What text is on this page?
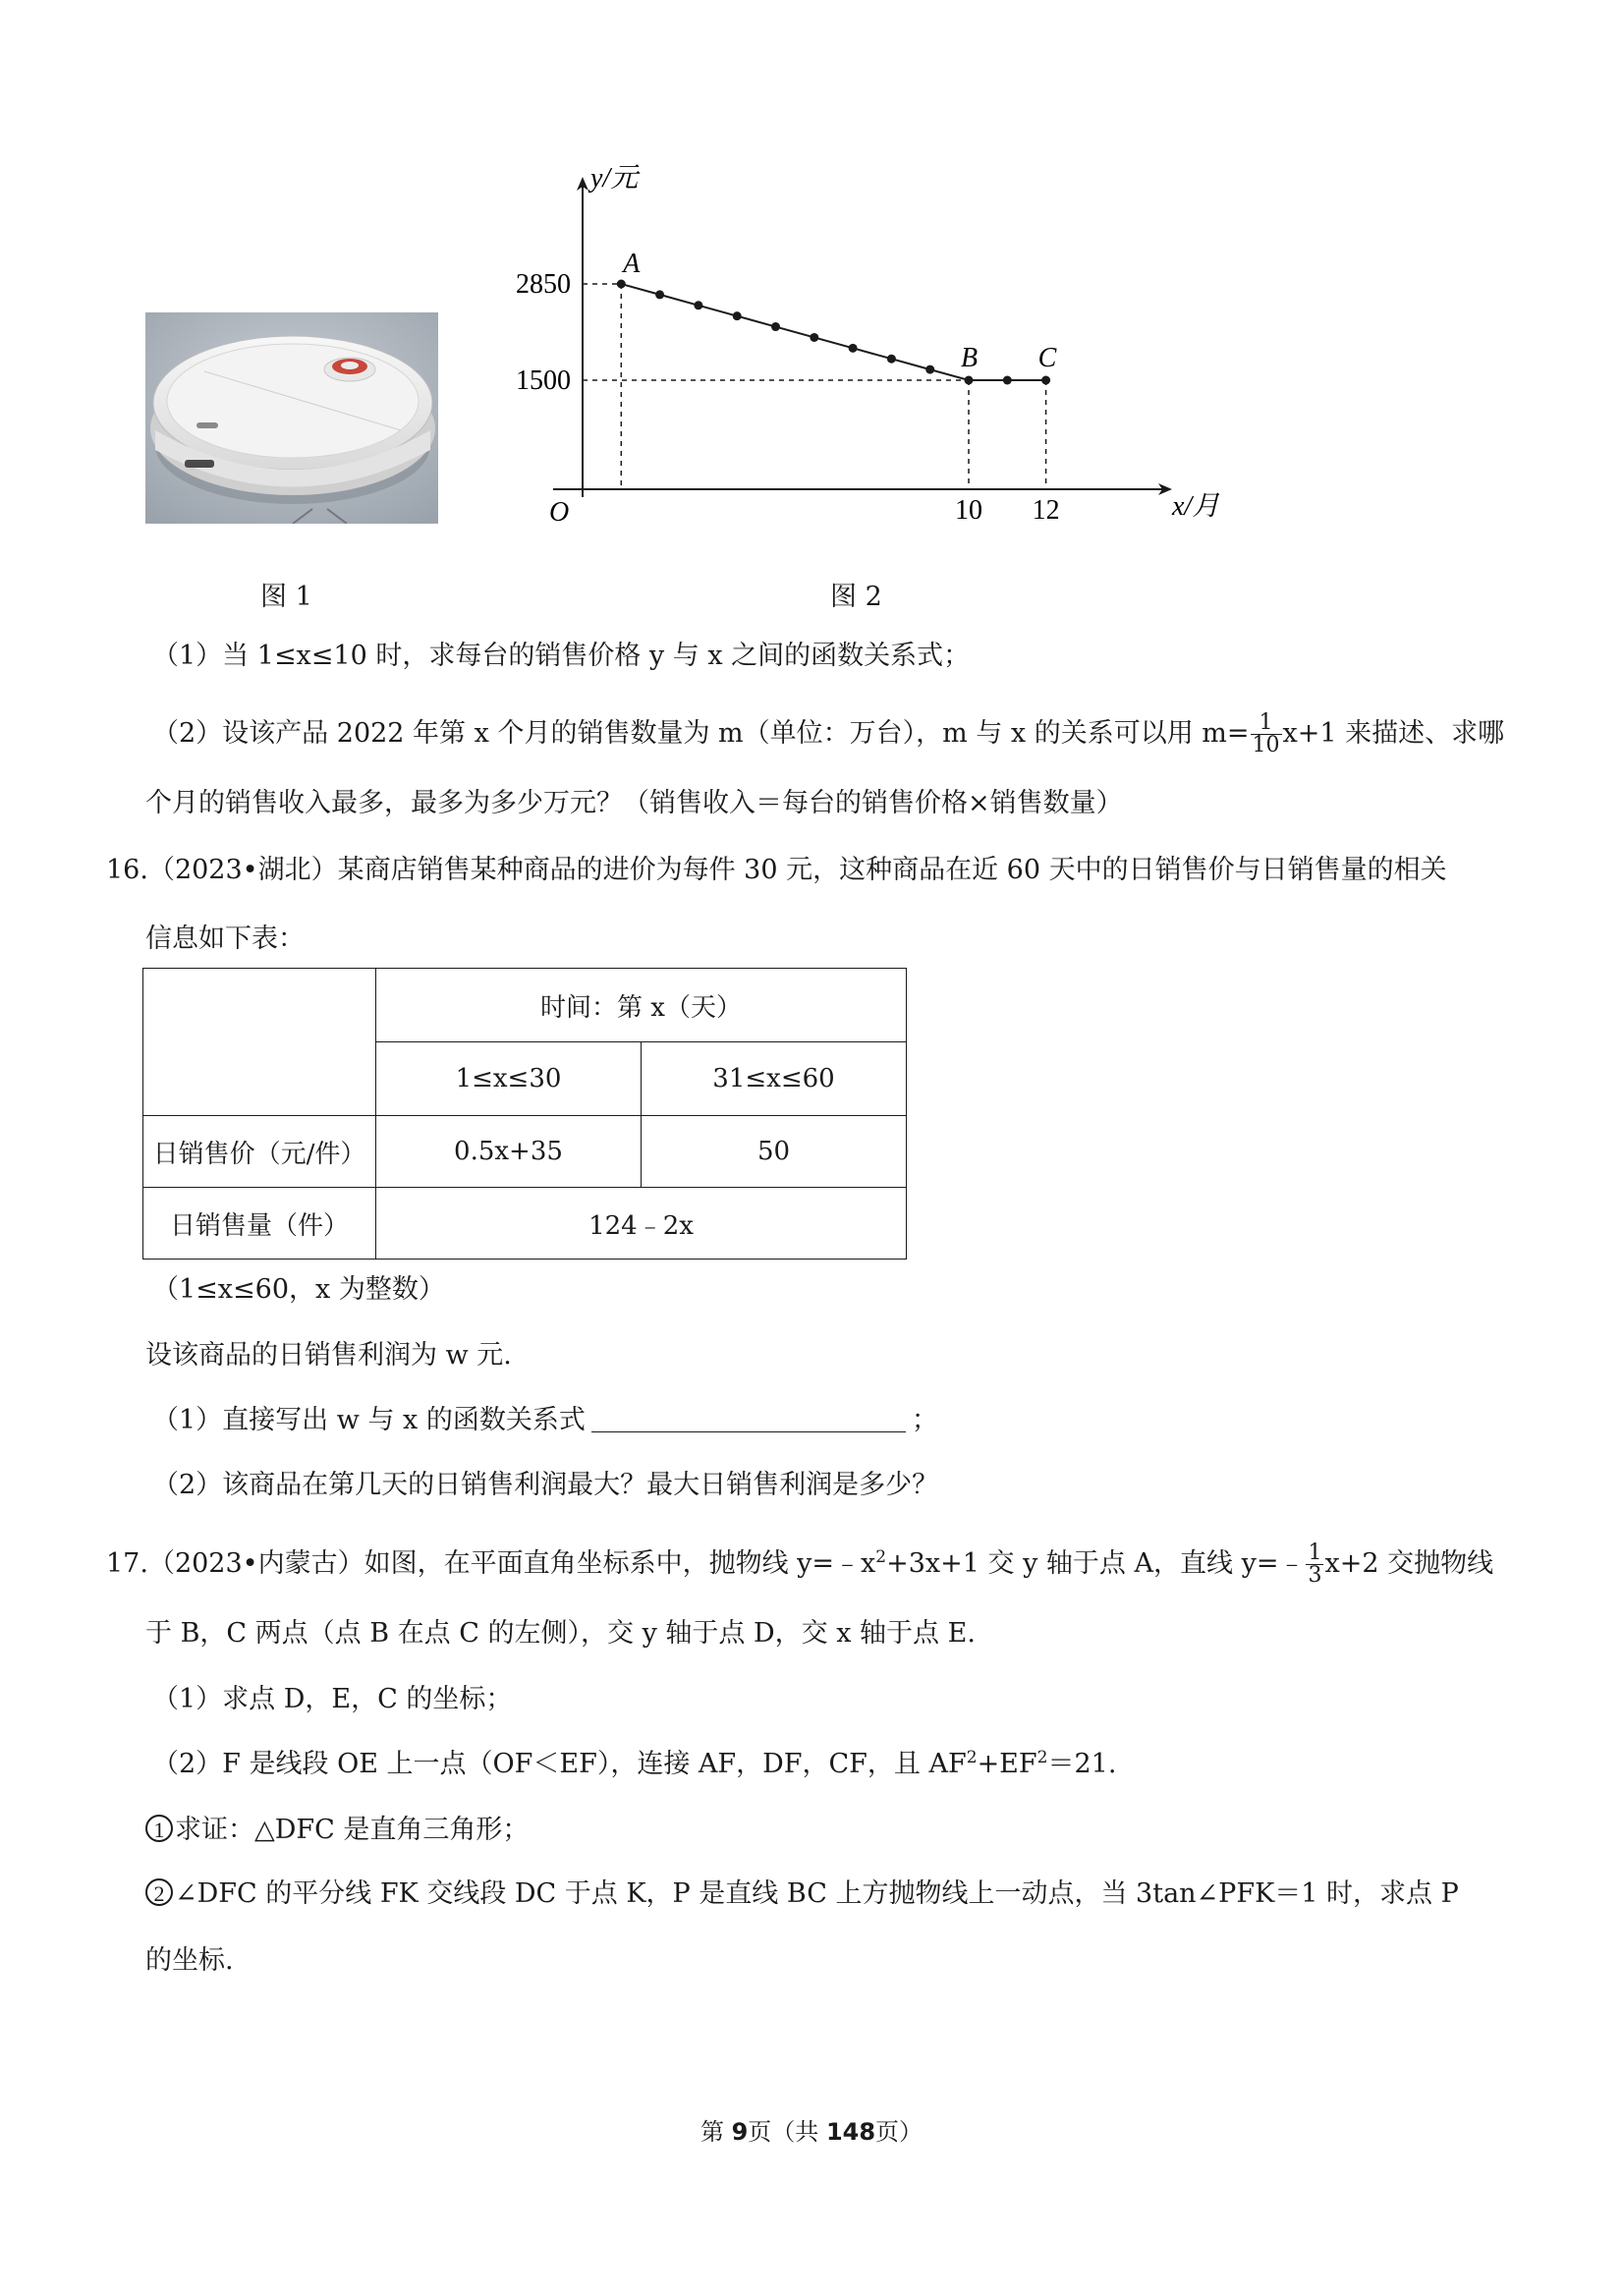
y/元
x/月
O
2850
1500
10 12
A
B C
图 1	图 2
（1）当 1≤x≤10 时，求每台的销售价格 y 与 x 之间的函数关系式；
（2）设该产品 2022 年第 x 个月的销售数量为 m（单位：万台），m 与 x 的关系可以用 $m= \frac{1}{10} x+1$ 来描述、求哪
个月的销售收入最多，最多为多少万元？（销售收入＝每台的销售价格×销售数量）
16.（2023•湖北）某商店销售某种商品的进价为每件 30 元，这种商品在近 60 天中的日销售价与日销售量的相关
信息如下表：
	时间：第 x（天）	
	1≤x≤30	31≤x≤60
日销售价（元/件）	0.5x+35	50
日销售量（件）	124﹣2x	
（1≤x≤60，x 为整数）
设该商品的日销售利润为 w 元.
（1）直接写出 w 与 x 的函数关系式	；
（2）该商品在第几天的日销售利润最大？最大日销售利润是多少？
17.（2023•内蒙古）如图，在平面直角坐标系中，抛物线 $y=﹣x^2+3x+1$ 交 y 轴于点 A，直线 y=﹣ $\frac{1}{3} x+2$ 交抛物线
于 B，C 两点（点 B 在点 C 的左侧），交 y 轴于点 D，交 x 轴于点 E.
（1）求点 D，E，C 的坐标；
（2）F 是线段 OE 上一点（OF＜EF），连接 AF，DF，CF，且 $AF^2+EF^2=21$.
1 求证：△DFC 是直角三角形；
2 ∠DFC 的平分线 FK 交线段 DC 于点 K，P 是直线 BC 上方抛物线上一动点，当 3tan∠PFK＝1 时，求点 P
的坐标.
第 9页（共 148页）
